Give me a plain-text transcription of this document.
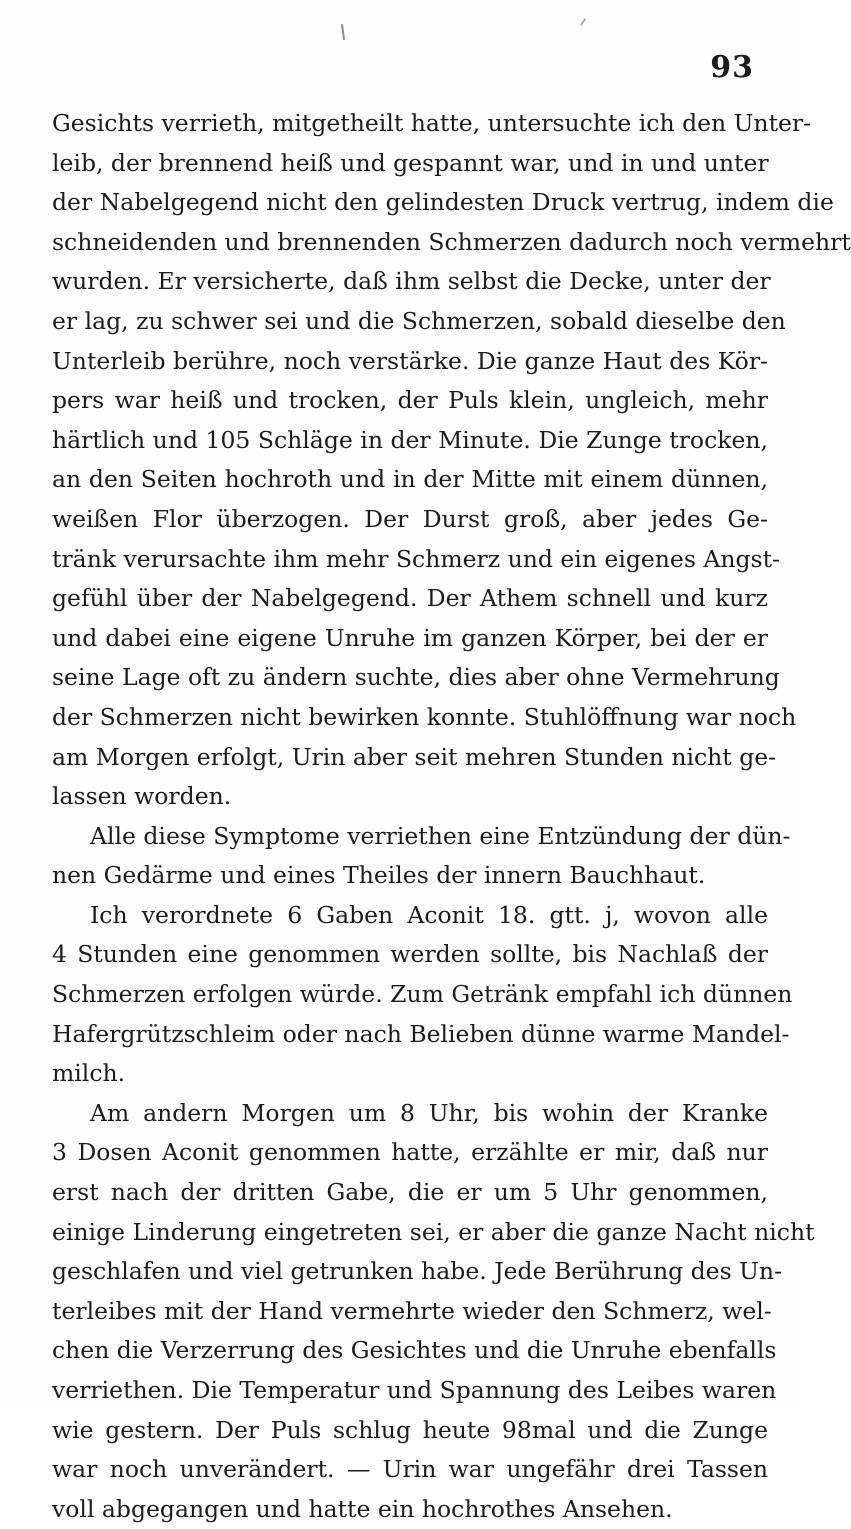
93

Gesichts verrieth, mitgetheilt hatte, untersuchte ich den Unter-
leib, der brennend heiß und gespannt war, und in und unter
der Nabelgegend nicht den gelindesten Druck vertrug, indem die
schneidenden und brennenden Schmerzen dadurch noch vermehrt
wurden. Er versicherte, daß ihm selbst die Decke, unter der
er lag, zu schwer sei und die Schmerzen, sobald dieselbe den
Unterleib berühre, noch verstärke. Die ganze Haut des Kör-
pers war heiß und trocken, der Puls klein, ungleich, mehr
härtlich und 105 Schläge in der Minute. Die Zunge trocken,
an den Seiten hochroth und in der Mitte mit einem dünnen,
weißen Flor überzogen. Der Durst groß, aber jedes Ge-
tränk verursachte ihm mehr Schmerz und ein eigenes Angst-
gefühl über der Nabelgegend. Der Athem schnell und kurz
und dabei eine eigene Unruhe im ganzen Körper, bei der er
seine Lage oft zu ändern suchte, dies aber ohne Vermehrung
der Schmerzen nicht bewirken konnte. Stuhlöffnung war noch
am Morgen erfolgt, Urin aber seit mehren Stunden nicht ge-
lassen worden.

Alle diese Symptome verriethen eine Entzündung der dün-
nen Gedärme und eines Theiles der innern Bauchhaut.

Ich verordnete 6 Gaben Aconit 18. gtt. j, wovon alle
4 Stunden eine genommen werden sollte, bis Nachlaß der
Schmerzen erfolgen würde. Zum Getränk empfahl ich dünnen
Hafergrützschleim oder nach Belieben dünne warme Mandel-
milch.

Am andern Morgen um 8 Uhr, bis wohin der Kranke
3 Dosen Aconit genommen hatte, erzählte er mir, daß nur
erst nach der dritten Gabe, die er um 5 Uhr genommen,
einige Linderung eingetreten sei, er aber die ganze Nacht nicht
geschlafen und viel getrunken habe. Jede Berührung des Un-
terleibes mit der Hand vermehrte wieder den Schmerz, wel-
chen die Verzerrung des Gesichtes und die Unruhe ebenfalls
verriethen. Die Temperatur und Spannung des Leibes waren
wie gestern. Der Puls schlug heute 98mal und die Zunge
war noch unverändert. — Urin war ungefähr drei Tassen
voll abgegangen und hatte ein hochrothes Ansehen.
